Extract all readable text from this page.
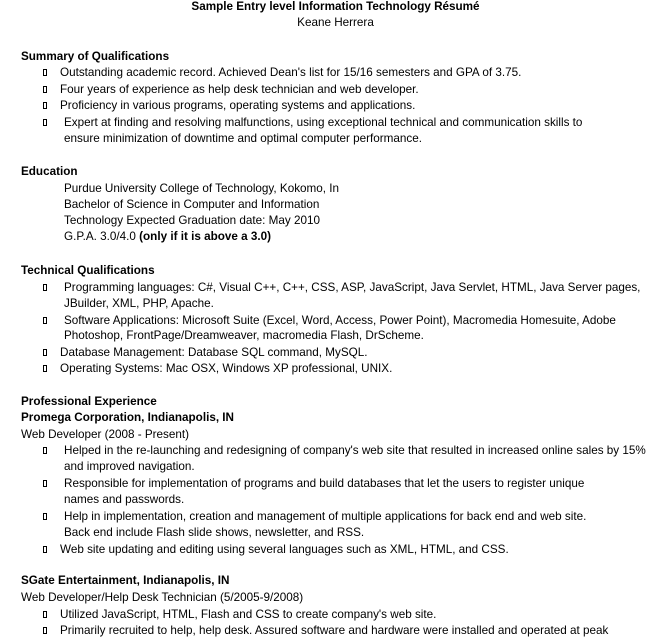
Sample Entry level Information Technology Résumé
Keane Herrera
Summary of Qualifications
Outstanding academic record. Achieved Dean's list for 15/16 semesters and GPA of 3.75.
Four years of experience as help desk technician and web developer.
Proficiency in various programs, operating systems and applications.
Expert at finding and resolving malfunctions, using exceptional technical and communication skills to
ensure minimization of downtime and optimal computer performance.
Education
Purdue University College of Technology, Kokomo, In
Bachelor of Science in Computer and Information
Technology Expected Graduation date: May 2010
G.P.A. 3.0/4.0 (only if it is above a 3.0)
Technical Qualifications
Programming languages: C#, Visual C++, C++, CSS, ASP, JavaScript, Java Servlet, HTML, Java Server pages,
JBuilder, XML, PHP, Apache.
Software Applications: Microsoft Suite (Excel, Word, Access, Power Point), Macromedia Homesuite, Adobe
Photoshop, FrontPage/Dreamweaver, macromedia Flash, DrScheme.
Database Management: Database SQL command, MySQL.
Operating Systems: Mac OSX, Windows XP professional, UNIX.
Professional Experience
Promega Corporation, Indianapolis, IN
Web Developer (2008 - Present)
Helped in the re-launching and redesigning of company's web site that resulted in increased online sales by 15%
and improved navigation.
Responsible for implementation of programs and build databases that let the users to register unique
names and passwords.
Help in implementation, creation and management of multiple applications for back end and web site.
Back end include Flash slide shows, newsletter, and RSS.
Web site updating and editing using several languages such as XML, HTML, and CSS.
SGate Entertainment, Indianapolis, IN
Web Developer/Help Desk Technician (5/2005-9/2008)
Utilized JavaScript, HTML, Flash and CSS to create company's web site.
Primarily recruited to help, help desk. Assured software and hardware were installed and operated at peak
